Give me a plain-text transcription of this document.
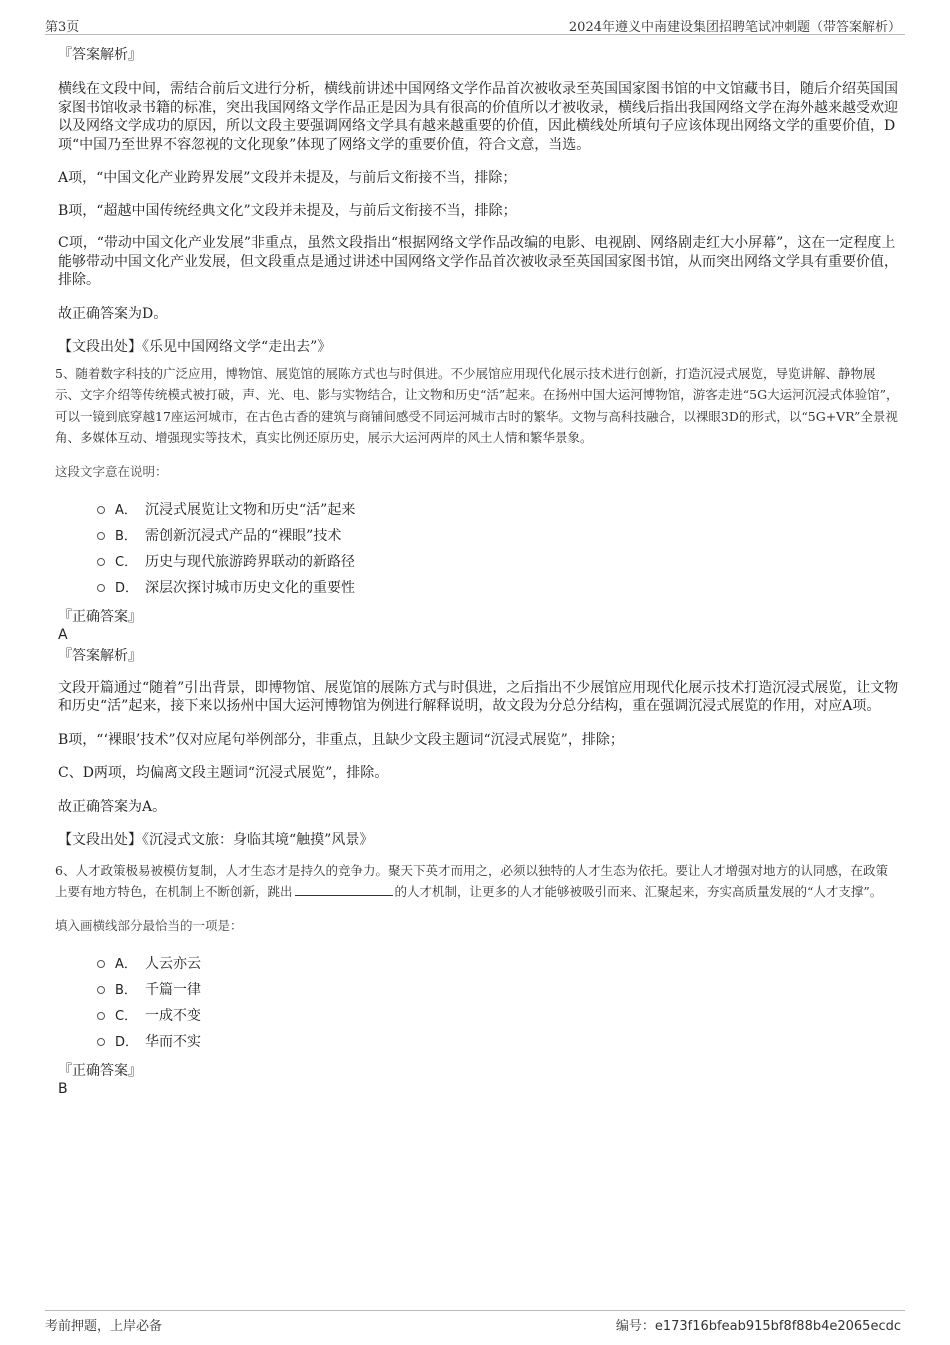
第3页	2024年遵义中南建设集团招聘笔试冲刺题（带答案解析）
『答案解析』
横线在文段中间，需结合前后文进行分析，横线前讲述中国网络文学作品首次被收录至英国国家图书馆的中文馆藏书目，随后介绍英国国家图书馆收录书籍的标准，突出我国网络文学作品正是因为具有很高的价值所以才被收录，横线后指出我国网络文学在海外越来越受欢迎以及网络文学成功的原因，所以文段主要强调网络文学具有越来越重要的价值，因此横线处所填句子应该体现出网络文学的重要价值，D项“中国乃至世界不容忽视的文化现象”体现了网络文学的重要价值，符合文意，当选。
A项，“中国文化产业跨界发展”文段并未提及，与前后文衔接不当，排除；
B项，“超越中国传统经典文化”文段并未提及，与前后文衔接不当，排除；
C项，“带动中国文化产业发展”非重点，虽然文段指出“根据网络文学作品改编的电影、电视剧、网络剧走红大小屏幕”，这在一定程度上能够带动中国文化产业发展，但文段重点是通过讲述中国网络文学作品首次被收录至英国国家图书馆，从而突出网络文学具有重要价值，排除。
故正确答案为D。
【文段出处】《乐见中国网络文学“走出去”》
5、随着数字科技的广泛应用，博物馆、展览馆的展陈方式也与时俱进。不少展馆应用现代化展示技术进行创新，打造沉浸式展览，导览讲解、静物展示、文字介绍等传统模式被打破，声、光、电、影与实物结合，让文物和历史“活”起来。在扬州中国大运河博物馆，游客走进“5G大运河沉浸式体验馆”，可以一镜到底穿越17座运河城市，在古色古香的建筑与商铺间感受不同运河城市古时的繁华。文物与高科技融合，以裸眼3D的形式，以“5G+VR”全景视角、多媒体互动、增强现实等技术，真实比例还原历史，展示大运河两岸的风土人情和繁华景象。
这段文字意在说明：
A． 沉浸式展览让文物和历史“活”起来
B． 需创新沉浸式产品的“裸眼”技术
C． 历史与现代旅游跨界联动的新路径
D． 深层次探讨城市历史文化的重要性
『正确答案』
A
『答案解析』
文段开篇通过“随着”引出背景，即博物馆、展览馆的展陈方式与时俱进，之后指出不少展馆应用现代化展示技术打造沉浸式展览，让文物和历史“活”起来，接下来以扬州中国大运河博物馆为例进行解释说明，故文段为分总分结构，重在强调沉浸式展览的作用，对应A项。
B项，“‘裸眼’技术”仅对应尾句举例部分，非重点，且缺少文段主题词“沉浸式展览”，排除；
C、D两项，均偏离文段主题词“沉浸式展览”，排除。
故正确答案为A。
【文段出处】《沉浸式文旅：身临其境“触摸”风景》
6、人才政策极易被模仿复制，人才生态才是持久的竞争力。聚天下英才而用之，必须以独特的人才生态为依托。要让人才增强对地方的认同感，在政策上要有地方特色，在机制上不断创新，跳出	的人才机制，让更多的人才能够被吸引而来、汇聚起来，夯实高质量发展的“人才支撑”。
填入画横线部分最恰当的一项是：
A． 人云亦云
B． 千篇一律
C． 一成不变
D． 华而不实
『正确答案』
B
考前押题，上岸必备	编号：e173f16bfeab915bf8f88b4e2065ecdc
